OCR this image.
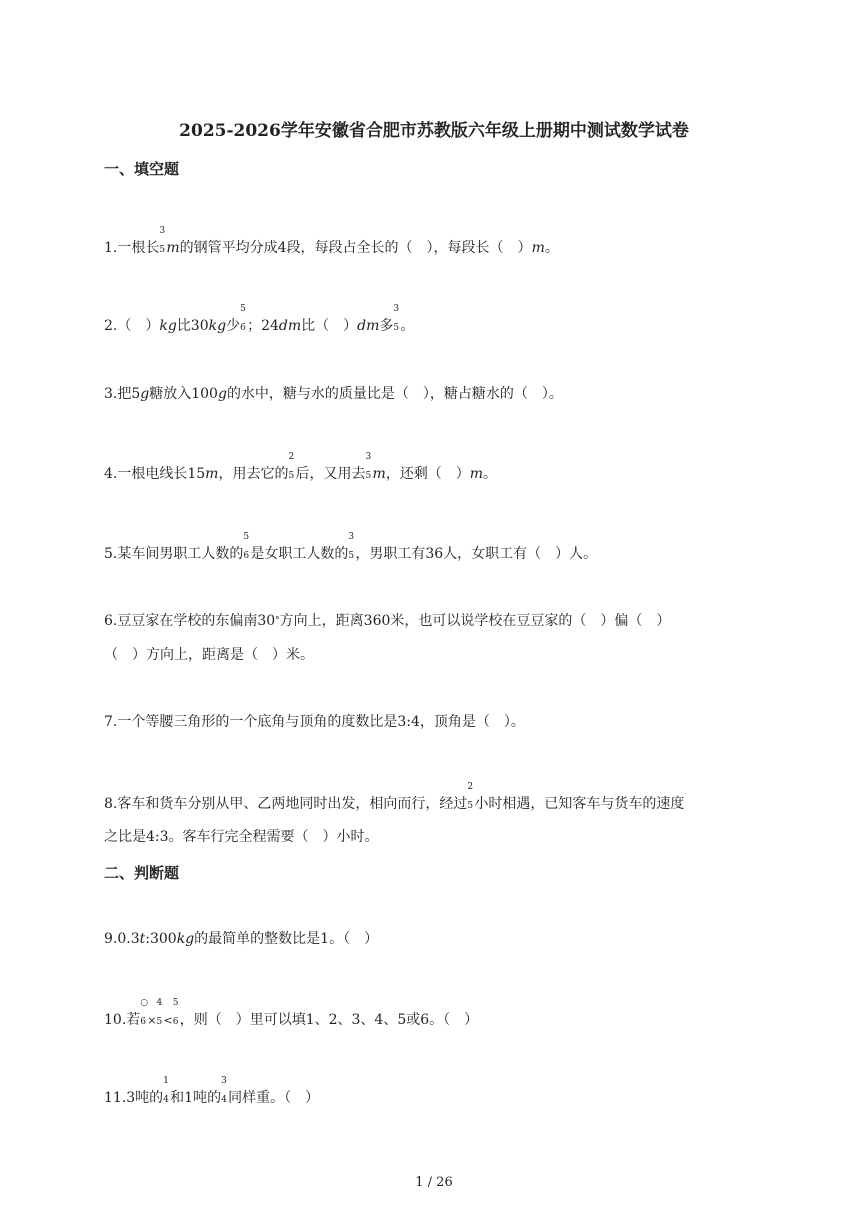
2025-2026学年安徽省合肥市苏教版六年级上册期中测试数学试卷
一、填空题
1.一根长
3
5 m的钢管平均分成4段，每段占全长的（　），每段长（　）m。
2.（　）kg比30kg少
5
6 ；24dm比（　）dm多
3
5 。
3.把5g糖放入100g的水中，糖与水的质量比是（　），糖占糖水的（　）。
4.一根电线长15m，用去它的
2
5 后，又用去
3
5 m，还剩（　）m。
5.某车间男职工人数的
5
6 是女职工人数的
3
5 ，男职工有36人，女职工有（　）人。
6.豆豆家在学校的东偏南30°方向上，距离360米，也可以说学校在豆豆家的（　）偏（　）
（　）方向上，距离是（　）米。
7.一个等腰三角形的一个底角与顶角的度数比是3:4，顶角是（　）。
8.客车和货车分别从甲、乙两地同时出发，相向而行，经过
2
5 小时相遇，已知客车与货车的速度
之比是4:3。客车行完全程需要（　）小时。
二、判断题
9.0.3t:300kg的最简单的整数比是1。（　）
10.若
○
6 ×
4
5 <
5
6 ，则（　）里可以填1、2、3、4、5或6。（　）
11.3吨的
1
4 和1吨的
3
4 同样重。（　）
1 / 26
